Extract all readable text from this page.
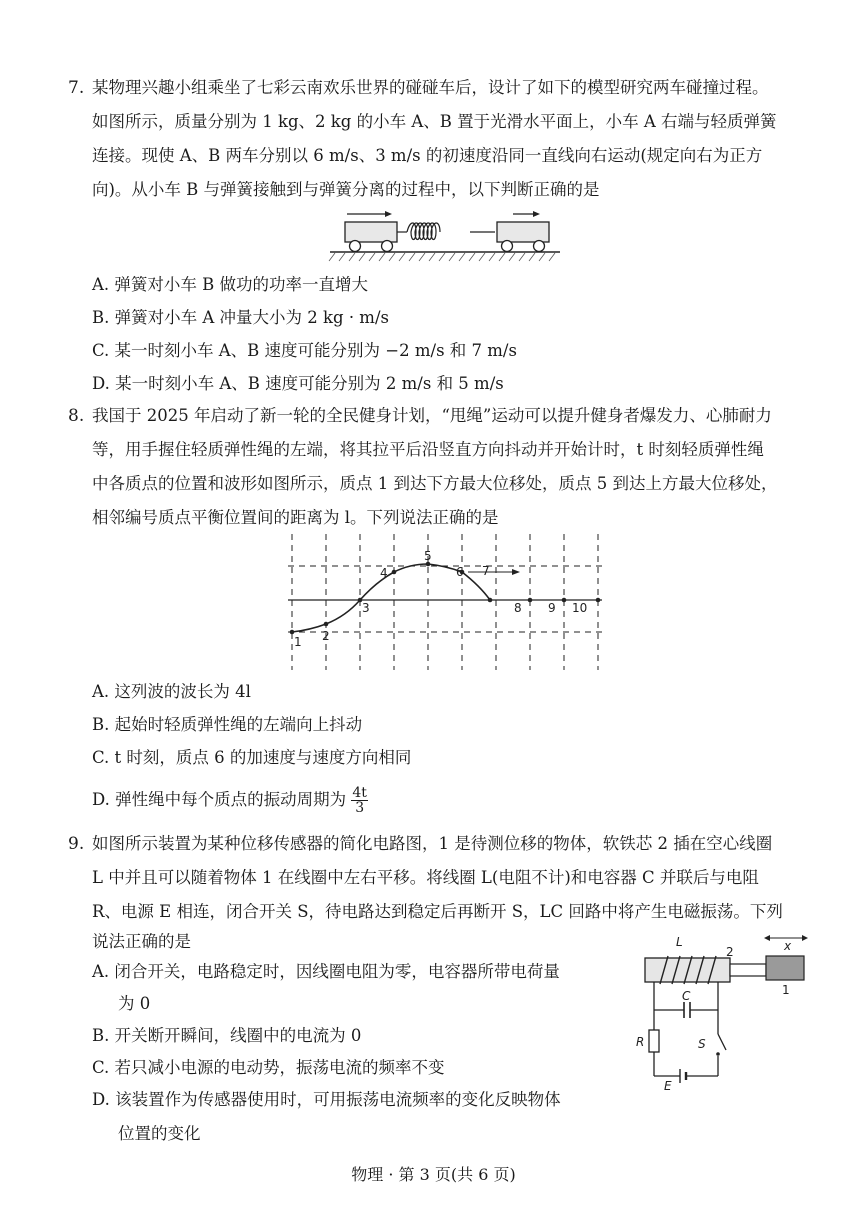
7. 某物理兴趣小组乘坐了七彩云南欢乐世界的碰碰车后，设计了如下的模型研究两车碰撞过程。
如图所示，质量分别为 1 kg、2 kg 的小车 A、B 置于光滑水平面上，小车 A 右端与轻质弹簧
连接。现使 A、B 两车分别以 6 m/s、3 m/s 的初速度沿同一直线向右运动(规定向右为正方
向)。从小车 B 与弹簧接触到与弹簧分离的过程中，以下判断正确的是
A. 弹簧对小车 B 做功的功率一直增大
B. 弹簧对小车 A 冲量大小为 2 kg · m/s
C. 某一时刻小车 A、B 速度可能分别为 −2 m/s 和 7 m/s
D. 某一时刻小车 A、B 速度可能分别为 2 m/s 和 5 m/s
8. 我国于 2025 年启动了新一轮的全民健身计划，“甩绳”运动可以提升健身者爆发力、心肺耐力
等，用手握住轻质弹性绳的左端，将其拉平后沿竖直方向抖动并开始计时，t 时刻轻质弹性绳
中各质点的位置和波形如图所示，质点 1 到达下方最大位移处，质点 5 到达上方最大位移处，
相邻编号质点平衡位置间的距离为 l。下列说法正确的是
1 2
3
4
5
6 7
8 9 10
A. 这列波的波长为 4l
B. 起始时轻质弹性绳的左端向上抖动
C. t 时刻，质点 6 的加速度与速度方向相同
D. 弹性绳中每个质点的振动周期为 $\frac{4t}{3}$
9. 如图所示装置为某种位移传感器的简化电路图，1 是待测位移的物体，软铁芯 2 插在空心线圈
L 中并且可以随着物体 1 在线圈中左右平移。将线圈 L(电阻不计)和电容器 C 并联后与电阻
R、电源 E 相连，闭合开关 S，待电路达到稳定后再断开 S，LC 回路中将产生电磁振荡。下列
说法正确的是
A. 闭合开关，电路稳定时，因线圈电阻为零，电容器所带电荷量
为 0
B. 开关断开瞬间，线圈中的电流为 0
C. 若只减小电源的电动势，振荡电流的频率不变
D. 该装置作为传感器使用时，可用振荡电流频率的变化反映物体
位置的变化
L
2
1
C
R	S
E
x
物理 · 第 3 页(共 6 页)
